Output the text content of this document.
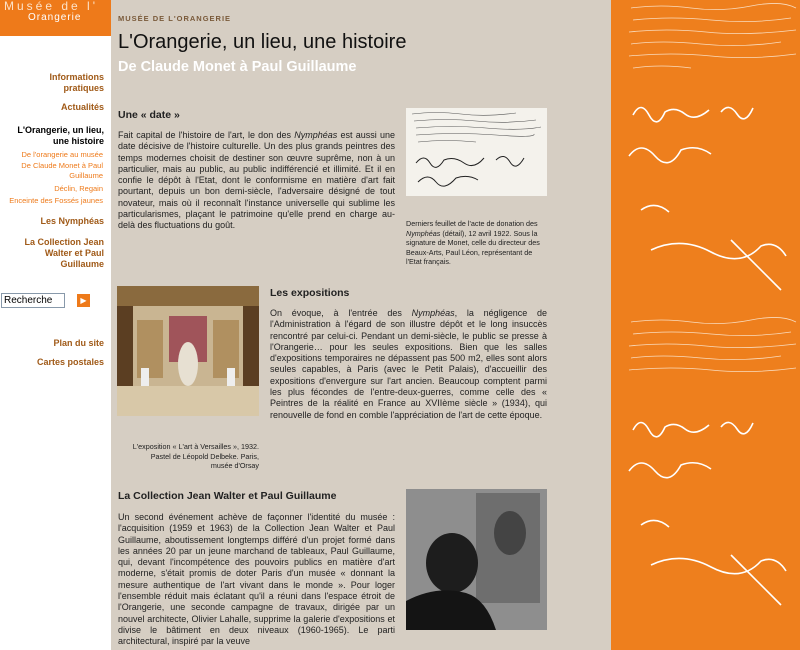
Musée de l'
Orangerie
Informations pratiques
Actualités
L'Orangerie, un lieu, une histoire
De l'orangerie au musée
De Claude Monet à Paul Guillaume
Déclin, Regain
Enceinte des Fossés jaunes
Les Nymphéas
La Collection Jean Walter et Paul Guillaume
Recherche
▶
Plan du site
Cartes postales
MUSÉE DE L'ORANGERIE
L'Orangerie, un lieu, une histoire
De Claude Monet à Paul Guillaume
Une « date »

Fait capital de l'histoire de l'art, le don des Nymphéas est aussi une date décisive de l'histoire culturelle. Un des plus grands peintres des temps modernes choisit de destiner son œuvre suprême, non à un particulier, mais au public, au public indifférencié et illimité. Et il en confie le dépôt à l'Etat, dont le conformisme en matière d'art fait pourtant, depuis un bon demi-siècle, l'adversaire désigné de tout novateur, mais où il reconnaît l'instance universelle qui sublime les particularismes, plaçant le patrimoine qu'elle prend en charge au-delà des fluctuations du goût.	Derniers feuillet de l'acte de donation des Nymphéas (détail), 12 avril 1922. Sous la signature de Monet, celle du directeur des Beaux-Arts, Paul Léon, représentant de l'Etat français.

Les expositions

On évoque, à l'entrée des Nymphéas, la négligence de l'Administration à l'égard de son illustre dépôt et le long insuccès rencontré par celui-ci. Pendant un demi-siècle, le public se presse à l'Orangerie… pour les seules expositions. Bien que les salles d'expositions temporaires ne dépassent pas 500 m2, elles sont alors seules capables, à Paris (avec le Petit Palais), d'accueillir des expositions d'envergure sur l'art ancien. Beaucoup comptent parmi les plus fécondes de l'entre-deux-guerres, comme celle des « Peintres de la réalité en France au XVIIème siècle » (1934), qui renouvelle de fond en comble l'appréciation de l'art de cette époque.

L'exposition « L'art à Versailles », 1932. Pastel de Léopold Delbeke. Paris, musée d'Orsay

La Collection Jean Walter et Paul Guillaume

Un second événement achève de façonner l'identité du musée : l'acquisition (1959 et 1963) de la Collection Jean Walter et Paul Guillaume, aboutissement longtemps différé d'un projet formé dans les années 20 par un jeune marchand de tableaux, Paul Guillaume, qui, devant l'incompétence des pouvoirs publics en matière d'art moderne, s'était promis de doter Paris d'un musée « donnant la mesure authentique de l'art vivant dans le monde ». Pour loger l'ensemble réduit mais éclatant qu'il a réuni dans l'espace étroit de l'Orangerie, une seconde campagne de travaux, dirigée par un nouvel architecte, Olivier Lahalle, supprime la galerie d'expositions et divise le bâtiment en deux niveaux (1960-1965). Le parti architectural, inspiré par la veuve
